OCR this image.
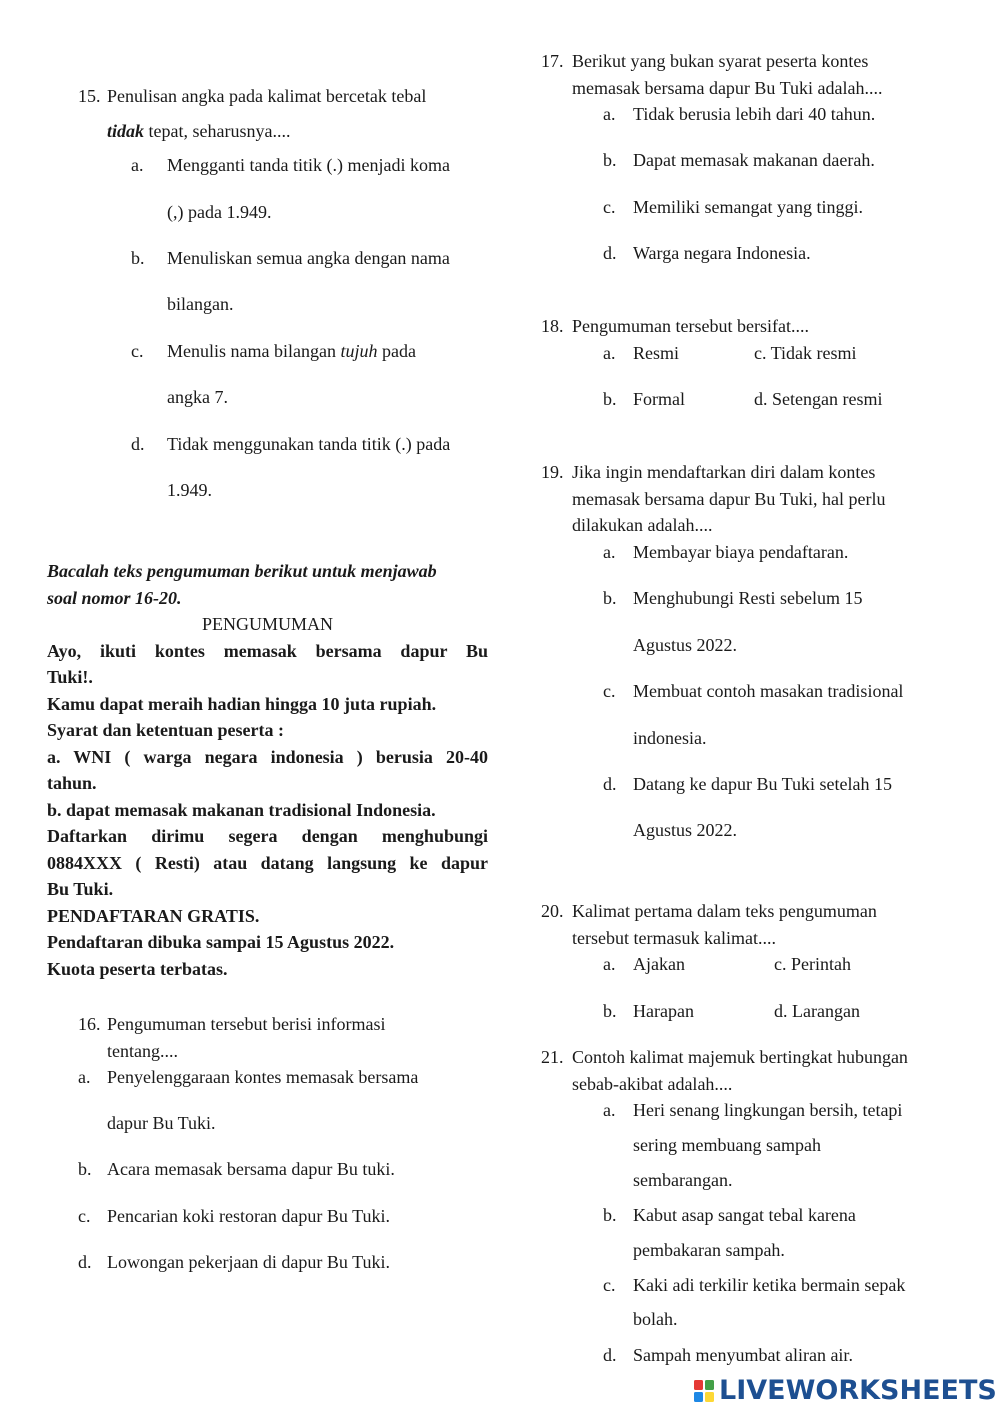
15. Penulisan angka pada kalimat bercetak tebal
tidak tepat, seharusnya....
a. Mengganti tanda titik (.) menjadi koma
(,) pada 1.949.
b. Menuliskan semua angka dengan nama
bilangan.
c. Menulis nama bilangan tujuh pada
angka 7.
d. Tidak menggunakan tanda titik (.) pada
1.949.
Bacalah teks pengumuman berikut untuk menjawab
soal nomor 16-20.
PENGUMUMAN
Ayo, ikuti kontes memasak bersama dapur Bu
Tuki!.
Kamu dapat meraih hadian hingga 10 juta rupiah.
Syarat dan ketentuan peserta :
a. WNI ( warga negara indonesia ) berusia 20-40
tahun.
b. dapat memasak makanan tradisional Indonesia.
Daftarkan dirimu segera dengan menghubungi
0884XXX ( Resti) atau datang langsung ke dapur
Bu Tuki.
PENDAFTARAN GRATIS.
Pendaftaran dibuka sampai 15 Agustus 2022.
Kuota peserta terbatas.
16. Pengumuman tersebut berisi informasi
tentang....
a. Penyelenggaraan kontes memasak bersama
dapur Bu Tuki.
b. Acara memasak bersama dapur Bu tuki.
c. Pencarian koki restoran dapur Bu Tuki.
d. Lowongan pekerjaan di dapur Bu Tuki.
17. Berikut yang bukan syarat peserta kontes
memasak bersama dapur Bu Tuki adalah....
a. Tidak berusia lebih dari 40 tahun.
b. Dapat memasak makanan daerah.
c. Memiliki semangat yang tinggi.
d. Warga negara Indonesia.
18. Pengumuman tersebut bersifat....
a. Resmi	c. Tidak resmi
b. Formal	d. Setengan resmi
19. Jika ingin mendaftarkan diri dalam kontes
memasak bersama dapur Bu Tuki, hal perlu
dilakukan adalah....
a. Membayar biaya pendaftaran.
b. Menghubungi Resti sebelum 15
Agustus 2022.
c. Membuat contoh masakan tradisional
indonesia.
d. Datang ke dapur Bu Tuki setelah 15
Agustus 2022.
20. Kalimat pertama dalam teks pengumuman
tersebut termasuk kalimat....
a. Ajakan	c. Perintah
b. Harapan	d. Larangan
21. Contoh kalimat majemuk bertingkat hubungan
sebab-akibat adalah....
a. Heri senang lingkungan bersih, tetapi
sering membuang sampah
sembarangan.
b. Kabut asap sangat tebal karena
pembakaran sampah.
c. Kaki adi terkilir ketika bermain sepak
bolah.
d. Sampah menyumbat aliran air.
LIVEWORKSHEETS
